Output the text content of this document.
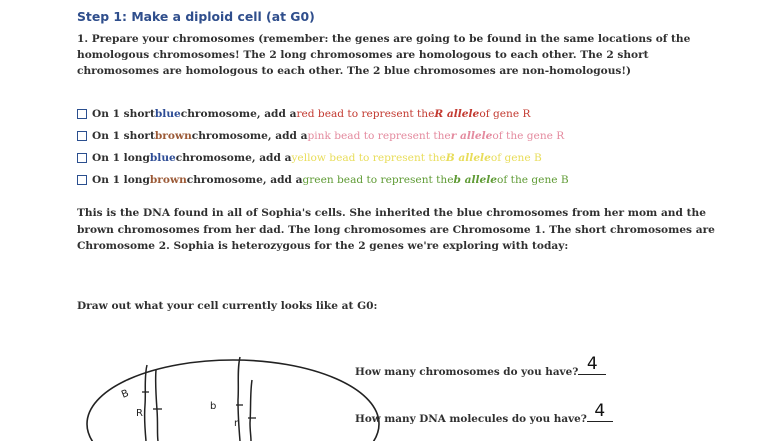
Step 1: Make a diploid cell (at G0)
1. Prepare your chromosomes (remember: the genes are going to be found in the same locations of the homologous chromosomes! The 2 long chromosomes are homologous to each other. The 2 short chromosomes are homologous to each other. The 2 blue chromosomes are non-homologous!)
On 1 short blue chromosome, add a red bead to represent the R allele of gene R
On 1 short brown chromosome, add a pink bead to represent the r allele of the gene R
On 1 long blue chromosome, add a yellow bead to represent the B allele of gene B
On 1 long brown chromosome, add a green bead to represent the b allele of the gene B
This is the DNA found in all of Sophia's cells. She inherited the blue chromosomes from her mom and the brown chromosomes from her dad. The long chromosomes are Chromosome 1. The short chromosomes are Chromosome 2. Sophia is heterozygous for the 2 genes we're exploring with today:
Draw out what your cell currently looks like at G0:
B
R
b
r
How many chromosomes do you have? 4
How many DNA molecules do you have? 4
